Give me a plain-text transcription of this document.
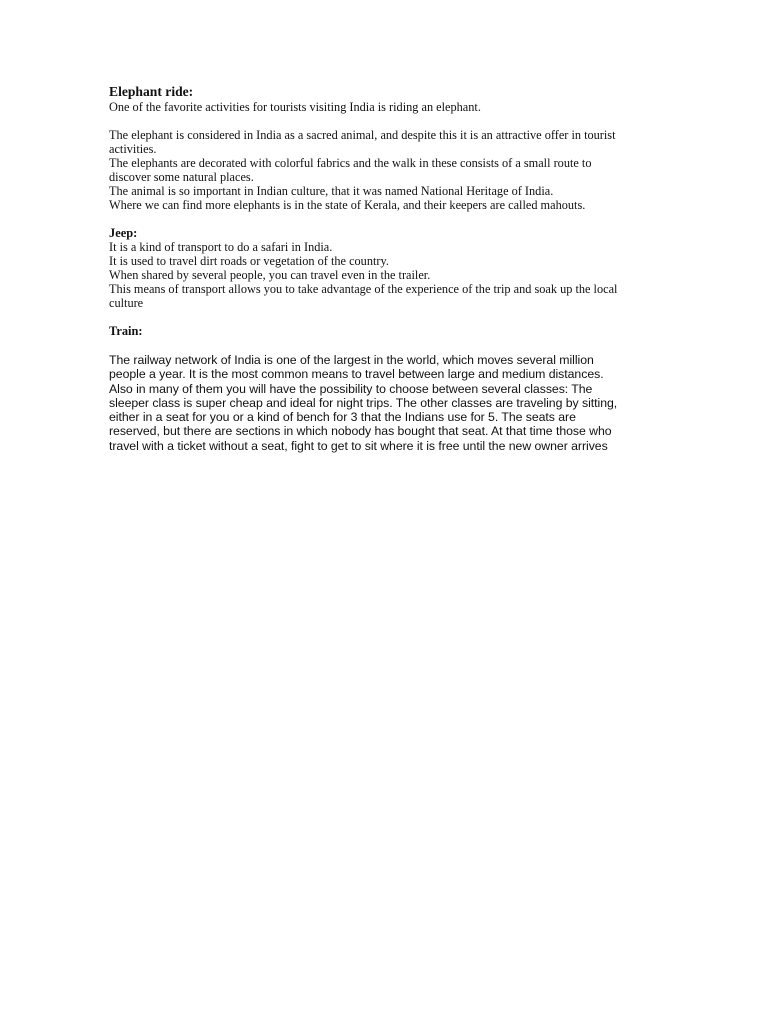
Elephant ride:
One of the favorite activities for tourists visiting India is riding an elephant.
The elephant is considered in India as a sacred animal, and despite this it is an attractive offer in tourist
activities.
The elephants are decorated with colorful fabrics and the walk in these consists of a small route to
discover some natural places.
The animal is so important in Indian culture, that it was named National Heritage of India.
Where we can find more elephants is in the state of Kerala, and their keepers are called mahouts.
Jeep:
It is a kind of transport to do a safari in India.
It is used to travel dirt roads or vegetation of the country.
When shared by several people, you can travel even in the trailer.
This means of transport allows you to take advantage of the experience of the trip and soak up the local
culture
Train:
The railway network of India is one of the largest in the world, which moves several million
people a year. It is the most common means to travel between large and medium distances.
Also in many of them you will have the possibility to choose between several classes: The
sleeper class is super cheap and ideal for night trips. The other classes are traveling by sitting,
either in a seat for you or a kind of bench for 3 that the Indians use for 5. The seats are
reserved, but there are sections in which nobody has bought that seat. At that time those who
travel with a ticket without a seat, fight to get to sit where it is free until the new owner arrives
